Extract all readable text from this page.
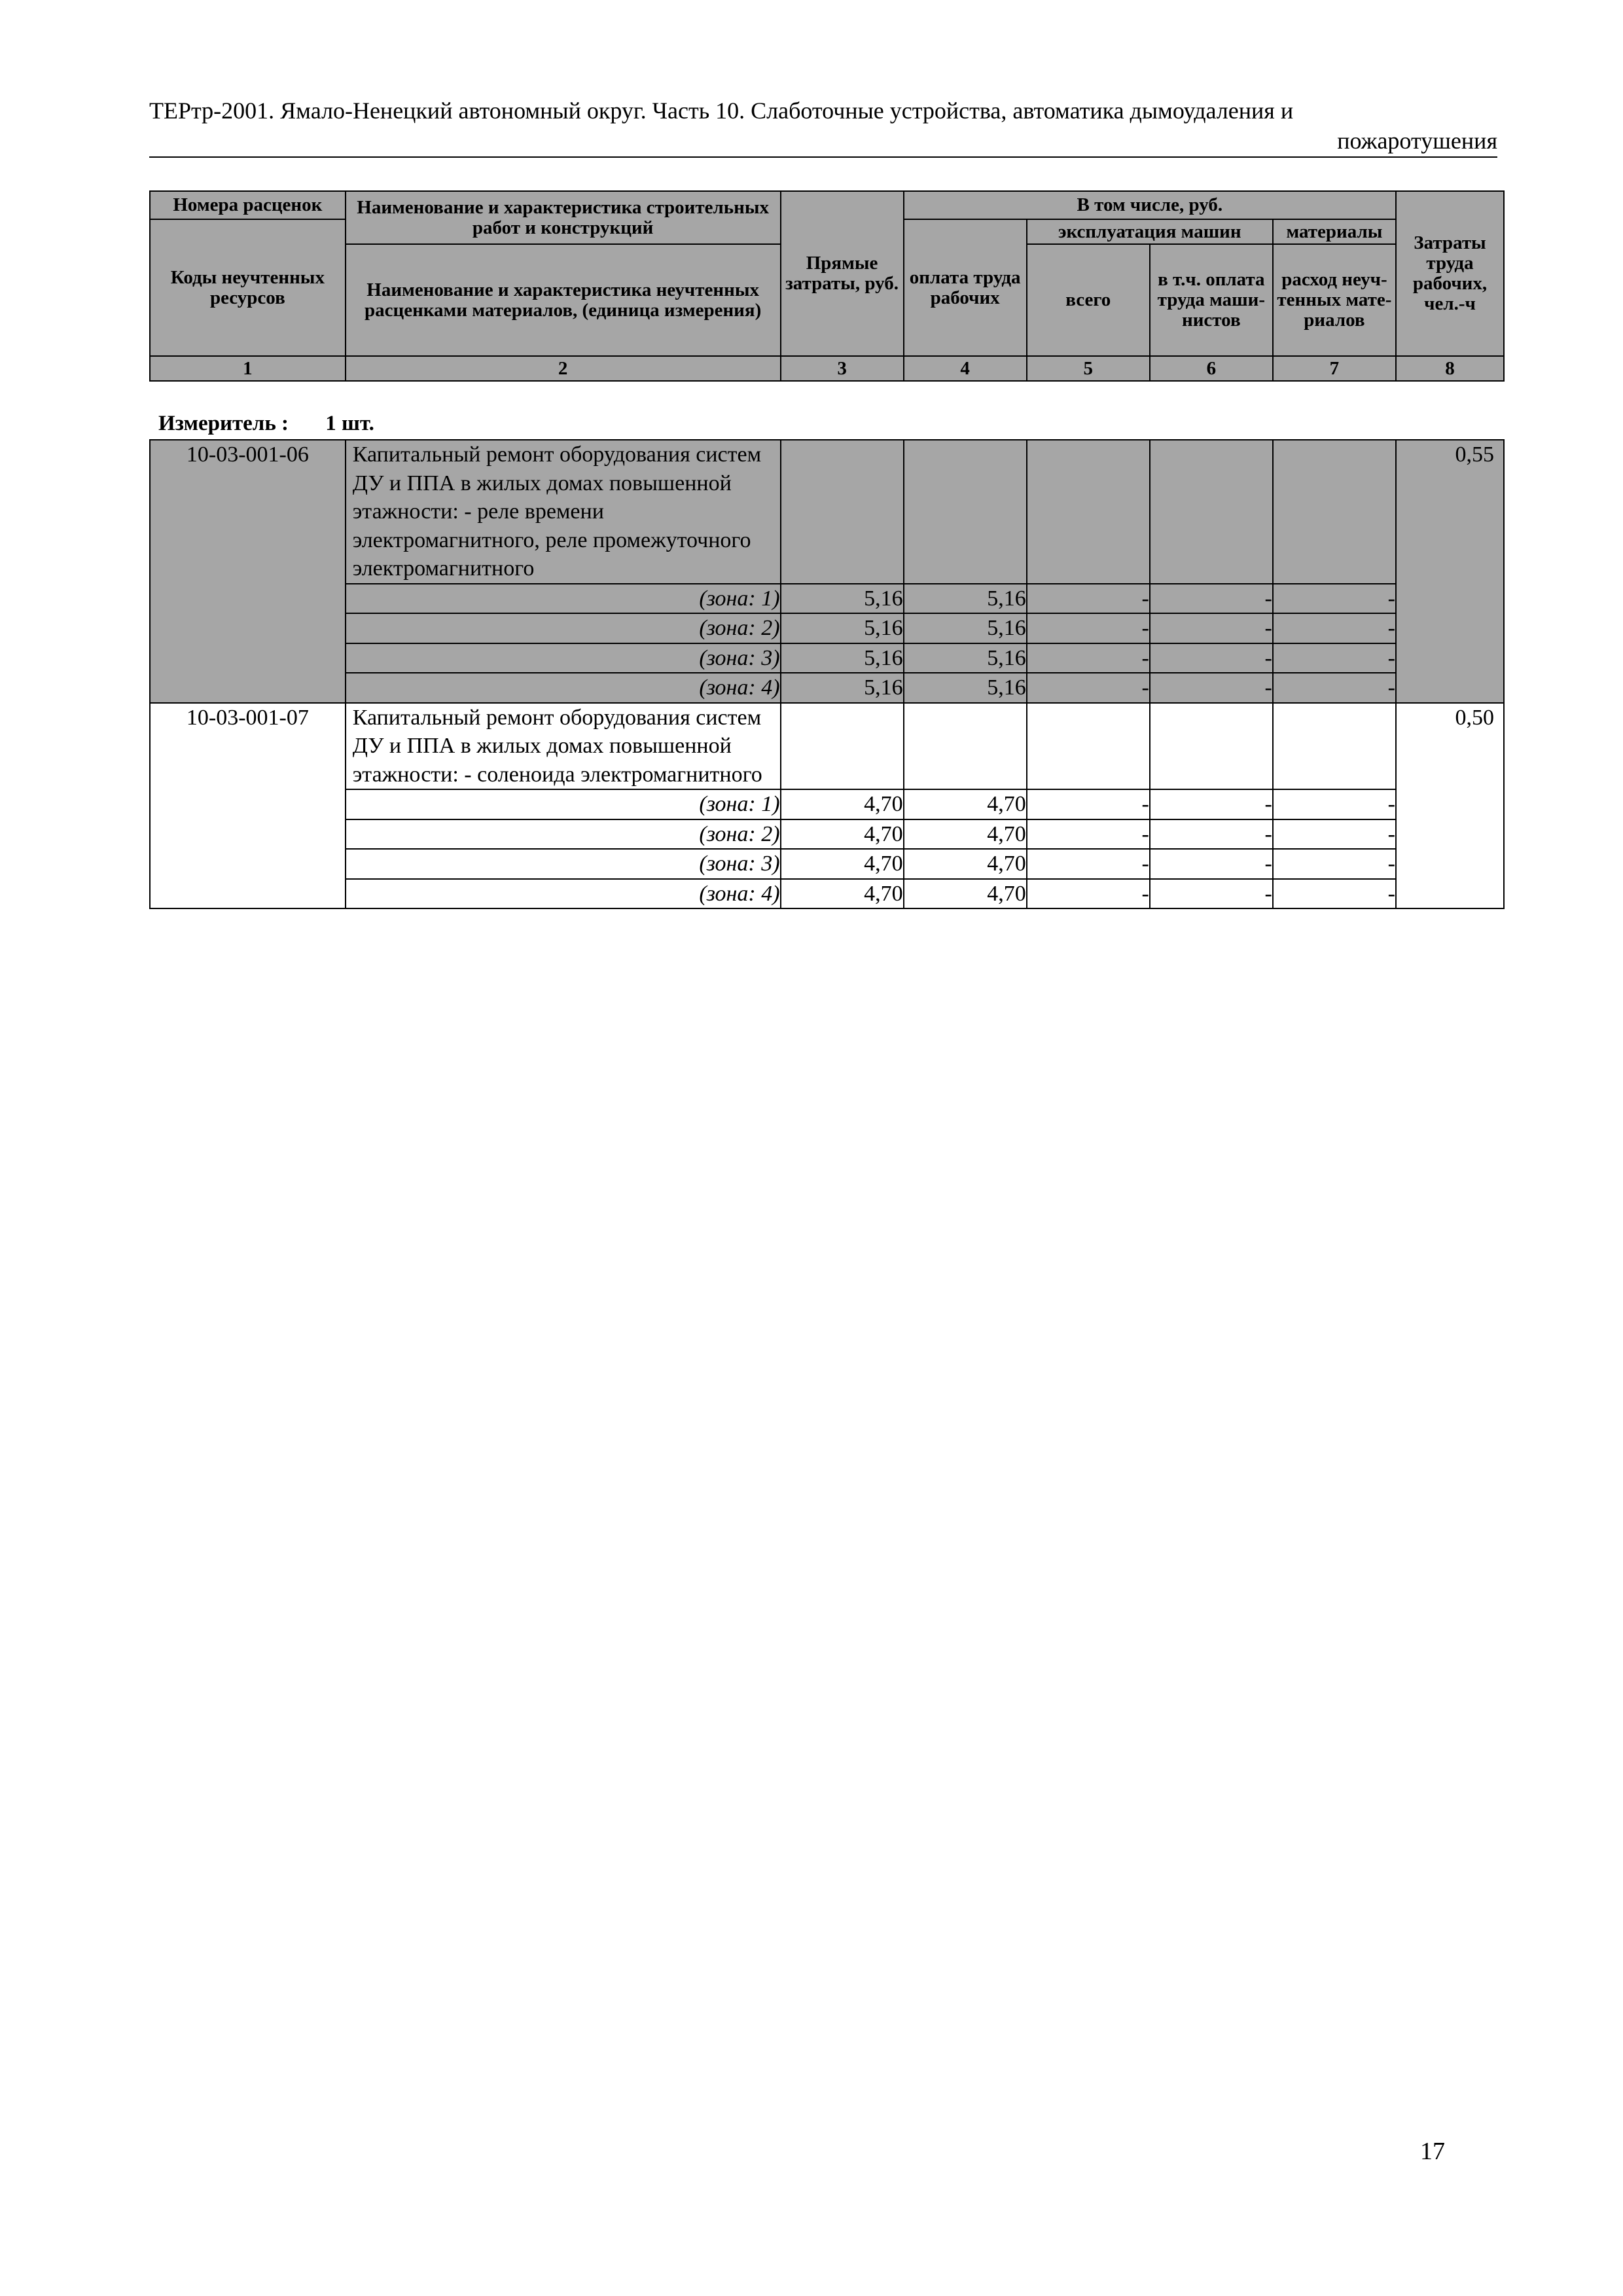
ТЕРтр-2001. Ямало-Ненецкий автономный округ. Часть 10. Слаботочные устройства, автоматика дымоудаления и
пожаротушения
Номера расценок	Наименование и характеристика строительных работ и конструкций	Прямые затраты, руб.	В том числе, руб.				Затраты труда рабочих, чел.-ч
Коды неучтенных ресурсов			оплата труда рабочих	эксплуатация машин		материалы	
	Наименование и характеристика неучтенных расценками материалов, (единица измерения)			всего	в т.ч. оплата труда маши- нистов	расход неуч- тенных мате- риалов	

1	2	3	4	5	6	7	8
Измеритель : 1 шт.
10-03-001-06	Капитальный ремонт оборудования систем ДУ и ППА в жилых домах повышенной этажности: - реле времени электромагнитного, реле промежуточного электромагнитного						0,55
	(зона: 1)	5,16	5,16	-	-	-	
	(зона: 2)	5,16	5,16	-	-	-	
	(зона: 3)	5,16	5,16	-	-	-	
	(зона: 4)	5,16	5,16	-	-	-	
10-03-001-07	Капитальный ремонт оборудования систем ДУ и ППА в жилых домах повышенной этажности: - соленоида электромагнитного						0,50
	(зона: 1)	4,70	4,70	-	-	-	
	(зона: 2)	4,70	4,70	-	-	-	
	(зона: 3)	4,70	4,70	-	-	-	
	(зона: 4)	4,70	4,70	-	-	-	
17
